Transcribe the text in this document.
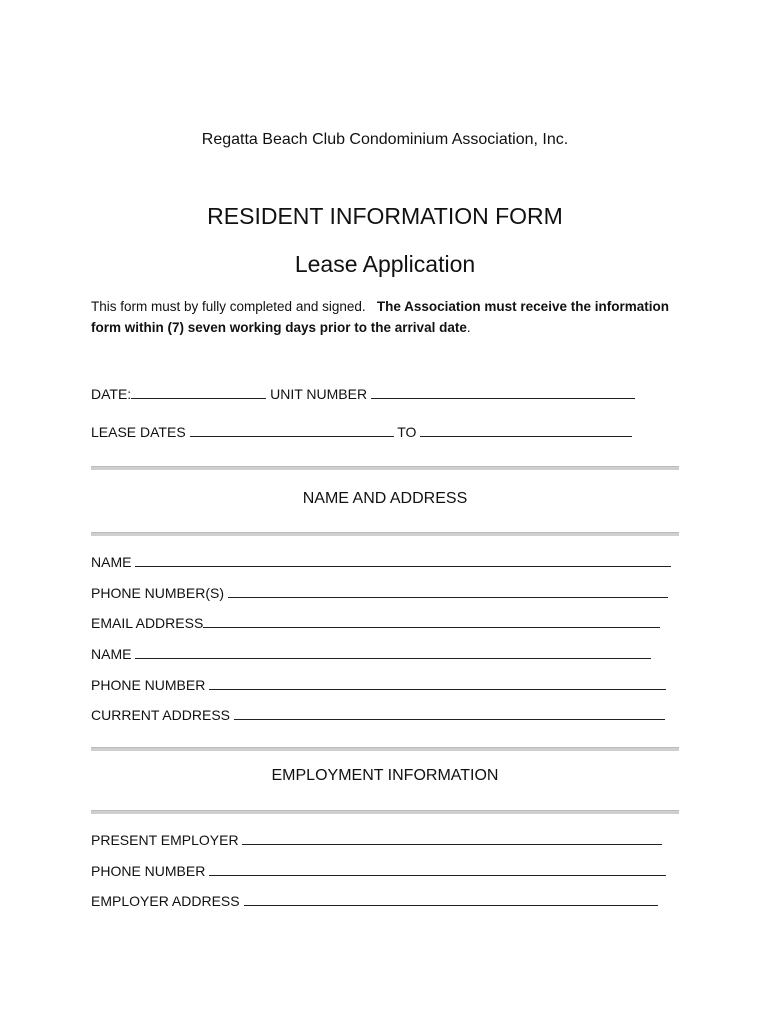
Regatta Beach Club Condominium Association, Inc.
RESIDENT INFORMATION FORM
Lease Application
This form must by fully completed and signed. The Association must receive the information form within (7) seven working days prior to the arrival date.
DATE:	UNIT NUMBER
LEASE DATES	TO
NAME AND ADDRESS
NAME
PHONE NUMBER(S)
EMAIL ADDRESS
NAME
PHONE NUMBER
CURRENT ADDRESS
EMPLOYMENT INFORMATION
PRESENT EMPLOYER
PHONE NUMBER
EMPLOYER ADDRESS
